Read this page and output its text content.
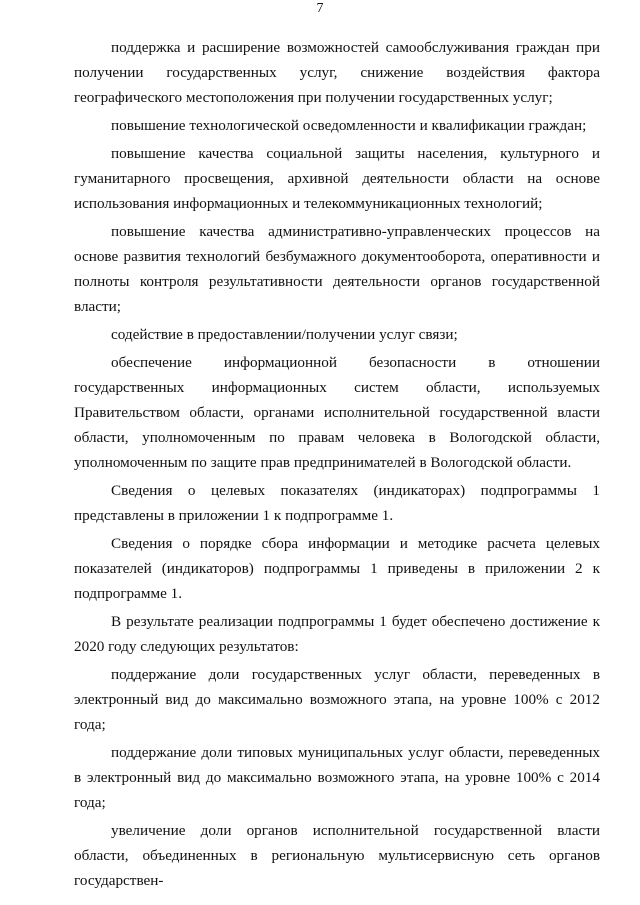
7

поддержка и расширение возможностей самообслуживания граждан при получении государственных услуг, снижение воздействия фактора географического местоположения при получении государственных услуг;

повышение технологической осведомленности и квалификации граждан;

повышение качества социальной защиты населения, культурного и гуманитарного просвещения, архивной деятельности области на основе использования информационных и телекоммуникационных технологий;

повышение качества административно-управленческих процессов на основе развития технологий безбумажного документооборота, оперативности и полноты контроля результативности деятельности органов государственной власти;

содействие в предоставлении/получении услуг связи;

обеспечение информационной безопасности в отношении государственных информационных систем области, используемых Правительством области, органами исполнительной государственной власти области, уполномоченным по правам человека в Вологодской области, уполномоченным по защите прав предпринимателей в Вологодской области.

Сведения о целевых показателях (индикаторах) подпрограммы 1 представлены в приложении 1 к подпрограмме 1.

Сведения о порядке сбора информации и методике расчета целевых показателей (индикаторов) подпрограммы 1 приведены в приложении 2 к подпрограмме 1.

В результате реализации подпрограммы 1 будет обеспечено достижение к 2020 году следующих результатов:

поддержание доли государственных услуг области, переведенных в электронный вид до максимально возможного этапа, на уровне 100% с 2012 года;

поддержание доли типовых муниципальных услуг области, переведенных в электронный вид до максимально возможного этапа, на уровне 100% с 2014 года;

увеличение доли органов исполнительной государственной власти области, объединенных в региональную мультисервисную сеть органов государствен-
